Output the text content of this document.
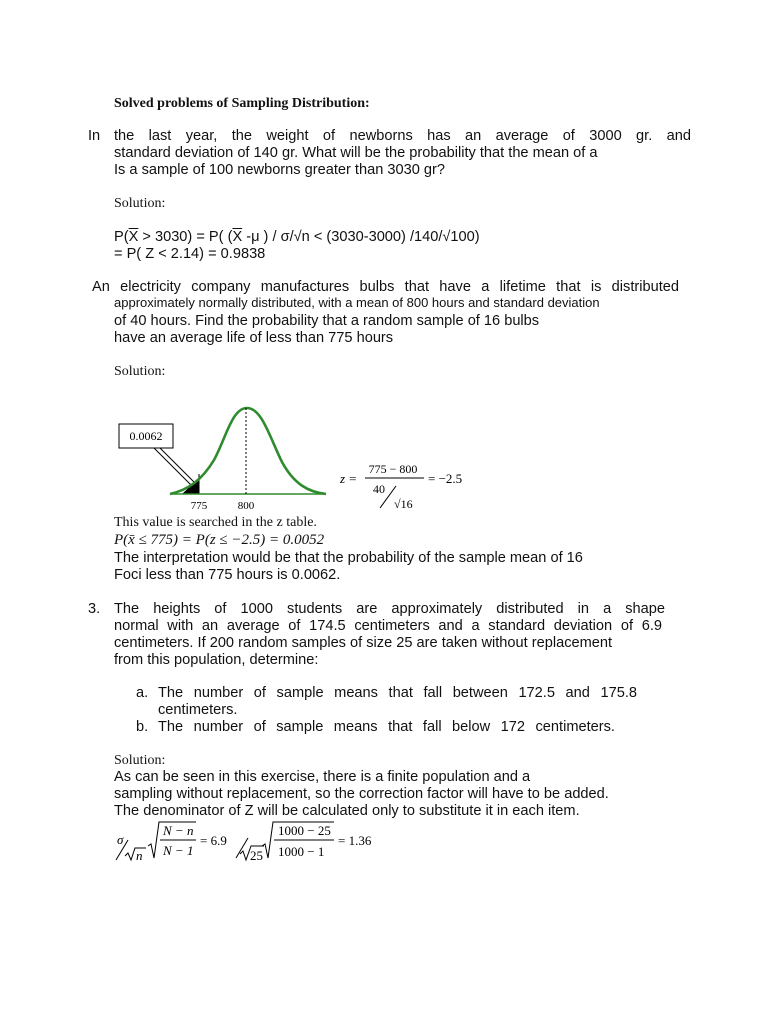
Solved problems of Sampling Distribution:
In the last year, the weight of newborns has an average of 3000 gr. and
standard deviation of 140 gr. What will be the probability that the mean of a
Is a sample of 100 newborns greater than 3030 gr?
Solution:
$P(\overline{X} > 3030) = P$( ($\overline{X}$ -μ ) / σ/√n < (3030-3000) /140/√100)
= P( Z < 2.14) = 0.9838
An electricity company manufactures bulbs that have a lifetime that is distributed
approximately normally distributed, with a mean of 800 hours and standard deviation
of 40 hours. Find the probability that a random sample of 16 bulbs
have an average life of less than 775 hours
Solution:
0.0062
775	800
z =
775 − 800
40
√16
= −2.5
This value is searched in the z table.
P(x̄ ≤ 775) = P(z ≤ −2.5) = 0.0052
The interpretation would be that the probability of the sample mean of 16
Foci less than 775 hours is 0.0062.
3. The heights of 1000 students are approximately distributed in a shape
normal with an average of 174.5 centimeters and a standard deviation of 6.9
centimeters. If 200 random samples of size 25 are taken without replacement
from this population, determine:
a. The number of sample means that fall between 172.5 and 175.8
centimeters.
b. The number of sample means that fall below 172 centimeters.
Solution:
As can be seen in this exercise, there is a finite population and a
sampling without replacement, so the correction factor will have to be added.
The denominator of Z will be calculated only to substitute it in each item.
σ
n
N − n
N − 1
= 6.9
25
1000 − 25
1000 − 1
= 1.36
